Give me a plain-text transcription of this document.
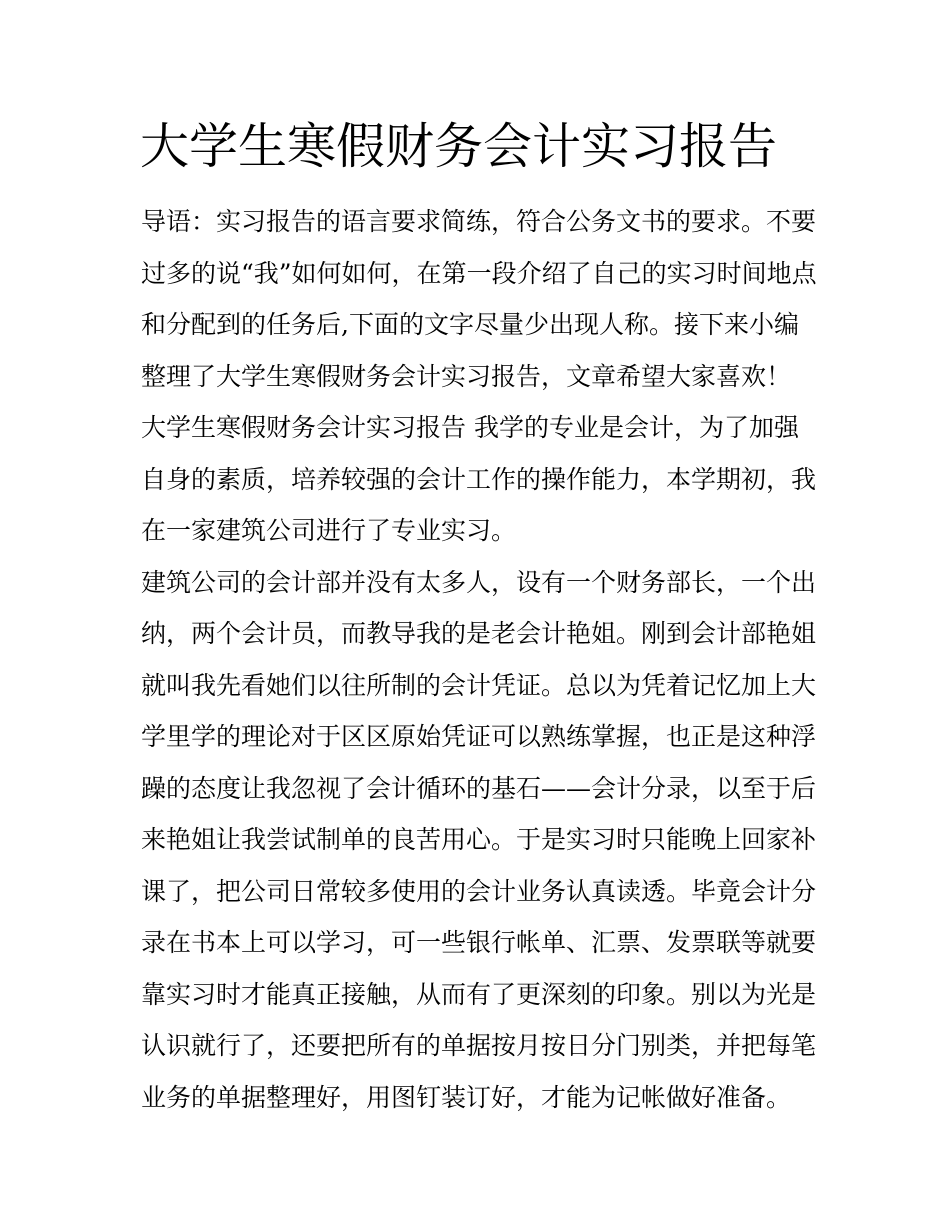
大学生寒假财务会计实习报告
导语：实习报告的语言要求简练，符合公务文书的要求。不要
过多的说“我”如何如何，在第一段介绍了自己的实习时间地点
和分配到的任务后,下面的文字尽量少出现人称。接下来小编
整理了大学生寒假财务会计实习报告，文章希望大家喜欢！
大学生寒假财务会计实习报告 我学的专业是会计，为了加强
自身的素质，培养较强的会计工作的操作能力，本学期初，我
在一家建筑公司进行了专业实习。
建筑公司的会计部并没有太多人，设有一个财务部长，一个出
纳，两个会计员，而教导我的是老会计艳姐。刚到会计部艳姐
就叫我先看她们以往所制的会计凭证。总以为凭着记忆加上大
学里学的理论对于区区原始凭证可以熟练掌握，也正是这种浮
躁的态度让我忽视了会计循环的基石——会计分录，以至于后
来艳姐让我尝试制单的良苦用心。于是实习时只能晚上回家补
课了，把公司日常较多使用的会计业务认真读透。毕竟会计分
录在书本上可以学习，可一些银行帐单、汇票、发票联等就要
靠实习时才能真正接触，从而有了更深刻的印象。别以为光是
认识就行了，还要把所有的单据按月按日分门别类，并把每笔
业务的单据整理好，用图钉装订好，才能为记帐做好准备。
